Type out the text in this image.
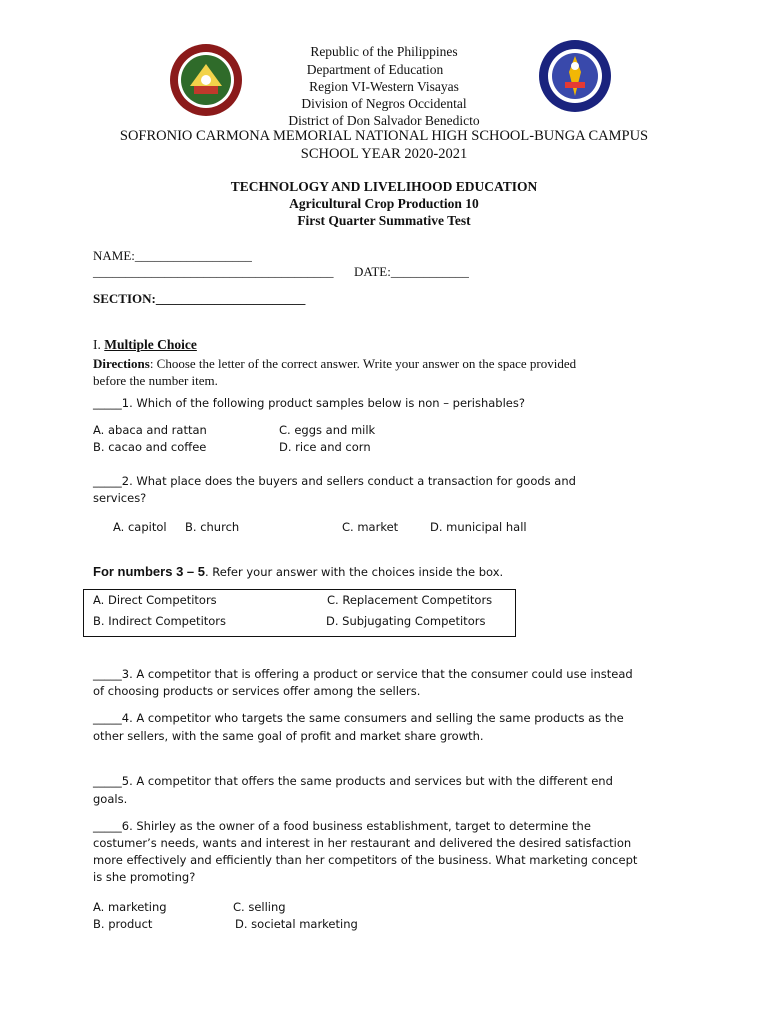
Republic of the Philippines
Department of Education
Region VI-Western Visayas
Division of Negros Occidental
District of Don Salvador Benedicto
SOFRONIO CARMONA MEMORIAL NATIONAL HIGH SCHOOL-BUNGA CAMPUS
SCHOOL YEAR 2020-2021
TECHNOLOGY AND LIVELIHOOD EDUCATION
Agricultural Crop Production 10
First Quarter Summative Test
NAME:__________________
_____________________________________ DATE:____________
SECTION:_______________________
I. Multiple Choice
Directions: Choose the letter of the correct answer. Write your answer on the space provided
before the number item.
_____1. Which of the following product samples below is non – perishables?
A. abaca and rattan
B. cacao and coffee
C. eggs and milk
D. rice and corn
_____2. What place does the buyers and sellers conduct a transaction for goods and
services?
A. capitol B. church	C. market	D. municipal hall
For numbers 3 – 5. Refer your answer with the choices inside the box.
A. Direct Competitors
B. Indirect Competitors
C. Replacement Competitors
D. Subjugating Competitors
_____3. A competitor that is offering a product or service that the consumer could use instead
of choosing products or services offer among the sellers.
_____4. A competitor who targets the same consumers and selling the same products as the
other sellers, with the same goal of profit and market share growth.
_____5. A competitor that offers the same products and services but with the different end
goals.
_____6. Shirley as the owner of a food business establishment, target to determine the
costumer’s needs, wants and interest in her restaurant and delivered the desired satisfaction
more effectively and efficiently than her competitors of the business. What marketing concept
is she promoting?
A. marketing
B. product
C. selling
D. societal marketing
